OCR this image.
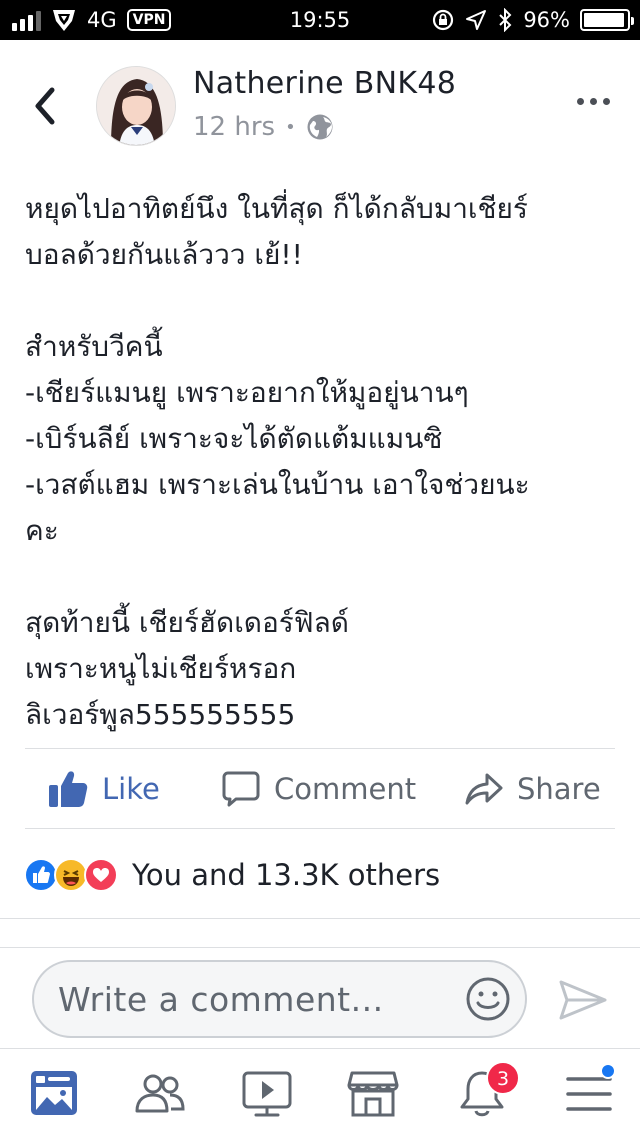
4G	VPN	19:55	96%
Natherine BNK48
12 hrs •
หยุดไปอาทิตย์นึง ในที่สุด ก็ได้กลับมาเชียร์
บอลด้วยกันแล้ววว เย้!!

สำหรับวีคนี้
-เชียร์แมนยู เพราะอยากให้มูอยู่นานๆ
-เบิร์นลีย์ เพราะจะได้ตัดแต้มแมนซิ
-เวสต์แฮม เพราะเล่นในบ้าน เอาใจช่วยนะ
คะ

สุดท้ายนี้ เชียร์ฮัดเดอร์ฟิลด์
เพราะหนูไม่เชียร์หรอก
ลิเวอร์พูล555555555
Like	Comment	Share
You and 13.3K others
Write a comment...
3
